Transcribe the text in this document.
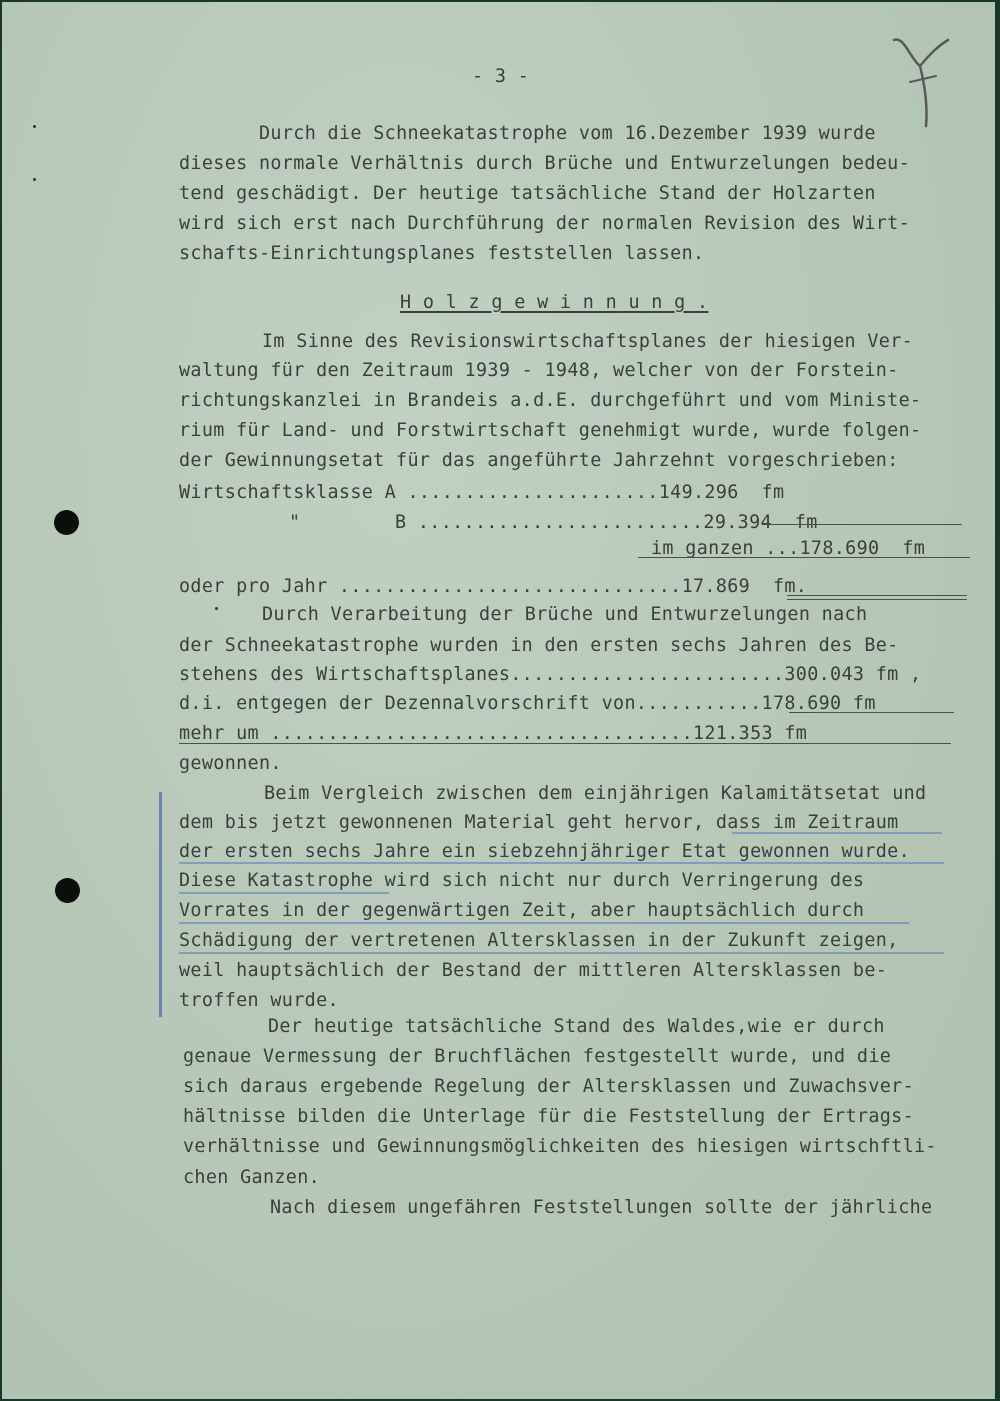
- 3 -

Durch die Schneekatastrophe vom 16.Dezember 1939 wurde

dieses normale Verhältnis durch Brüche und Entwurzelungen bedeu-

tend geschädigt. Der heutige tatsächliche Stand der Holzarten

wird sich erst nach Durchführung der normalen Revision des Wirt-

schafts-Einrichtungsplanes feststellen lassen.

H o l z g e w i n n u n g .

Im Sinne des Revisionswirtschaftsplanes der hiesigen Ver-

waltung für den Zeitraum 1939 - 1948, welcher von der Forstein-

richtungskanzlei in Brandeis a.d.E. durchgeführt und vom Ministe-

rium für Land- und Forstwirtschaft genehmigt wurde, wurde folgen-

der Gewinnungsetat für das angeführte Jahrzehnt vorgeschrieben:

Wirtschaftsklasse A ......................149.296  fm

"	B .........................29.394  fm

im ganzen ...178.690  fm

oder pro Jahr ..............................17.869  fm.

Durch Verarbeitung der Brüche und Entwurzelungen nach

der Schneekatastrophe wurden in den ersten sechs Jahren des Be-

stehens des Wirtschaftsplanes........................300.043 fm ,

d.i. entgegen der Dezennalvorschrift von...........178.690 fm

mehr um .....................................121.353 fm

gewonnen.

Beim Vergleich zwischen dem einjährigen Kalamitätsetat und

dem bis jetzt gewonnenen Material geht hervor, dass im Zeitraum

der ersten sechs Jahre ein siebzehnjähriger Etat gewonnen wurde.

Diese Katastrophe wird sich nicht nur durch Verringerung des

Vorrates in der gegenwärtigen Zeit, aber hauptsächlich durch

Schädigung der vertretenen Altersklassen in der Zukunft zeigen,

weil hauptsächlich der Bestand der mittleren Altersklassen be-

troffen wurde.

Der heutige tatsächliche Stand des Waldes,wie er durch

genaue Vermessung der Bruchflächen festgestellt wurde, und die

sich daraus ergebende Regelung der Altersklassen und Zuwachsver-

hältnisse bilden die Unterlage für die Feststellung der Ertrags-

verhältnisse und Gewinnungsmöglichkeiten des hiesigen wirtschftli-

chen Ganzen.

Nach diesem ungefähren Feststellungen sollte der jährliche
